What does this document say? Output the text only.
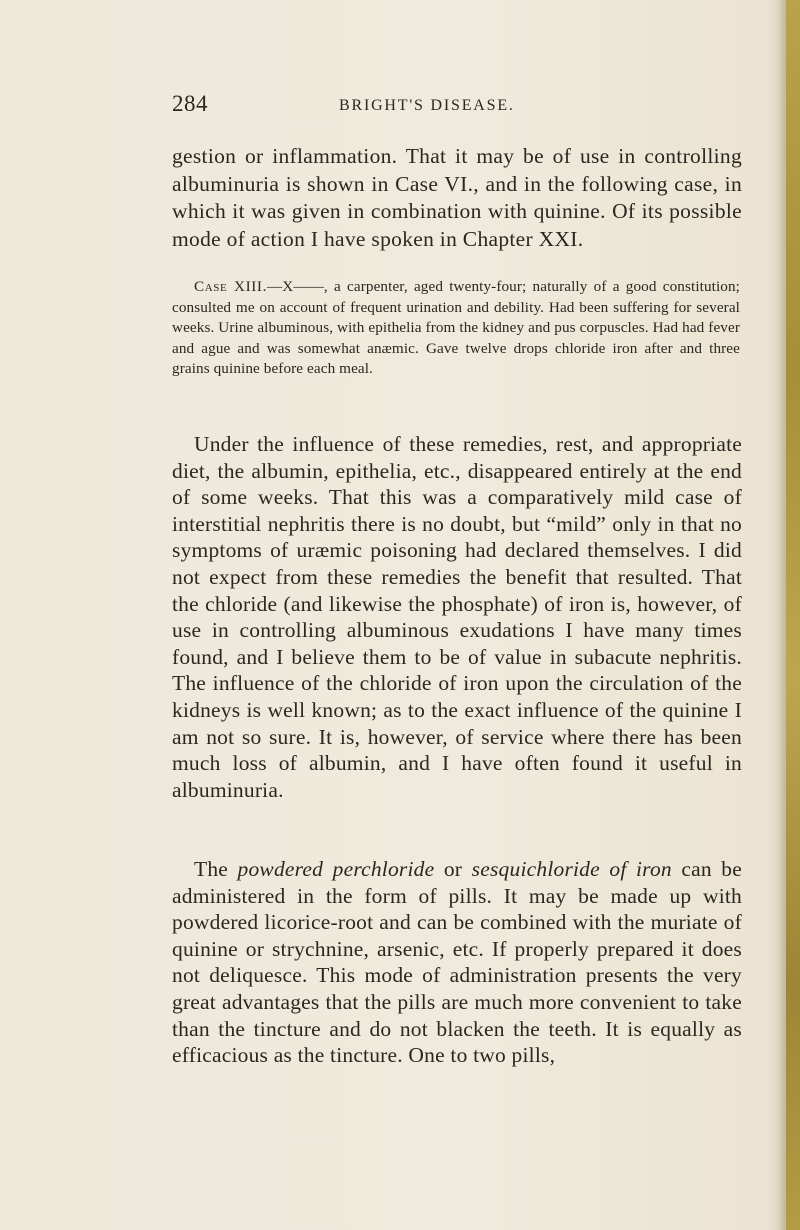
284	BRIGHT'S DISEASE.

gestion or inflammation. That it may be of use in controlling albuminuria is shown in Case VI., and in the following case, in which it was given in combination with quinine. Of its possible mode of action I have spoken in Chapter XXI.

Case XIII.—X——, a carpenter, aged twenty-four; naturally of a good constitution; consulted me on account of frequent urination and debility. Had been suffering for several weeks. Urine albuminous, with epithelia from the kidney and pus corpuscles. Had had fever and ague and was somewhat anæmic. Gave twelve drops chloride iron after and three grains quinine before each meal.

Under the influence of these remedies, rest, and appropriate diet, the albumin, epithelia, etc., disappeared entirely at the end of some weeks. That this was a comparatively mild case of interstitial nephritis there is no doubt, but “mild” only in that no symptoms of uræmic poisoning had declared themselves. I did not expect from these remedies the benefit that resulted. That the chloride (and likewise the phosphate) of iron is, however, of use in controlling albuminous exudations I have many times found, and I believe them to be of value in subacute nephritis. The influence of the chloride of iron upon the circulation of the kidneys is well known; as to the exact influence of the quinine I am not so sure. It is, however, of service where there has been much loss of albumin, and I have often found it useful in albuminuria.

The powdered perchloride or sesquichloride of iron can be administered in the form of pills. It may be made up with powdered licorice-root and can be combined with the muriate of quinine or strychnine, arsenic, etc. If properly prepared it does not deliquesce. This mode of administration presents the very great advantages that the pills are much more convenient to take than the tincture and do not blacken the teeth. It is equally as efficacious as the tincture. One to two pills,
